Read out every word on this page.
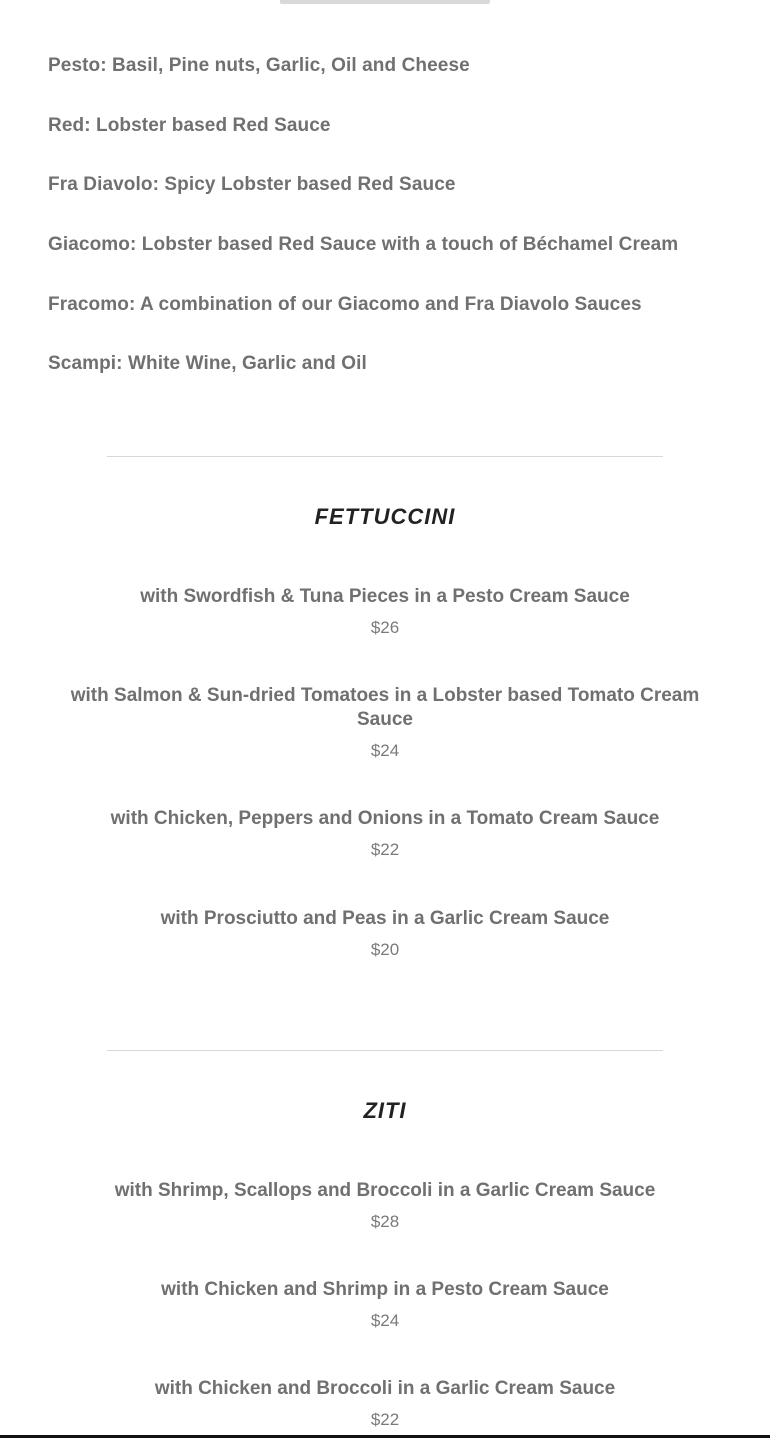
Pesto: Basil, Pine nuts, Garlic, Oil and Cheese
Red: Lobster based Red Sauce
Fra Diavolo: Spicy Lobster based Red Sauce
Giacomo: Lobster based Red Sauce with a touch of Béchamel Cream
Fracomo: A combination of our Giacomo and Fra Diavolo Sauces
Scampi: White Wine, Garlic and Oil
FETTUCCINI
with Swordfish & Tuna Pieces in a Pesto Cream Sauce
$26
with Salmon & Sun-dried Tomatoes in a Lobster based Tomato Cream Sauce
$24
with Chicken, Peppers and Onions in a Tomato Cream Sauce
$22
with Prosciutto and Peas in a Garlic Cream Sauce
$20
ZITI
with Shrimp, Scallops and Broccoli in a Garlic Cream Sauce
$28
with Chicken and Shrimp in a Pesto Cream Sauce
$24
with Chicken and Broccoli in a Garlic Cream Sauce
$22
